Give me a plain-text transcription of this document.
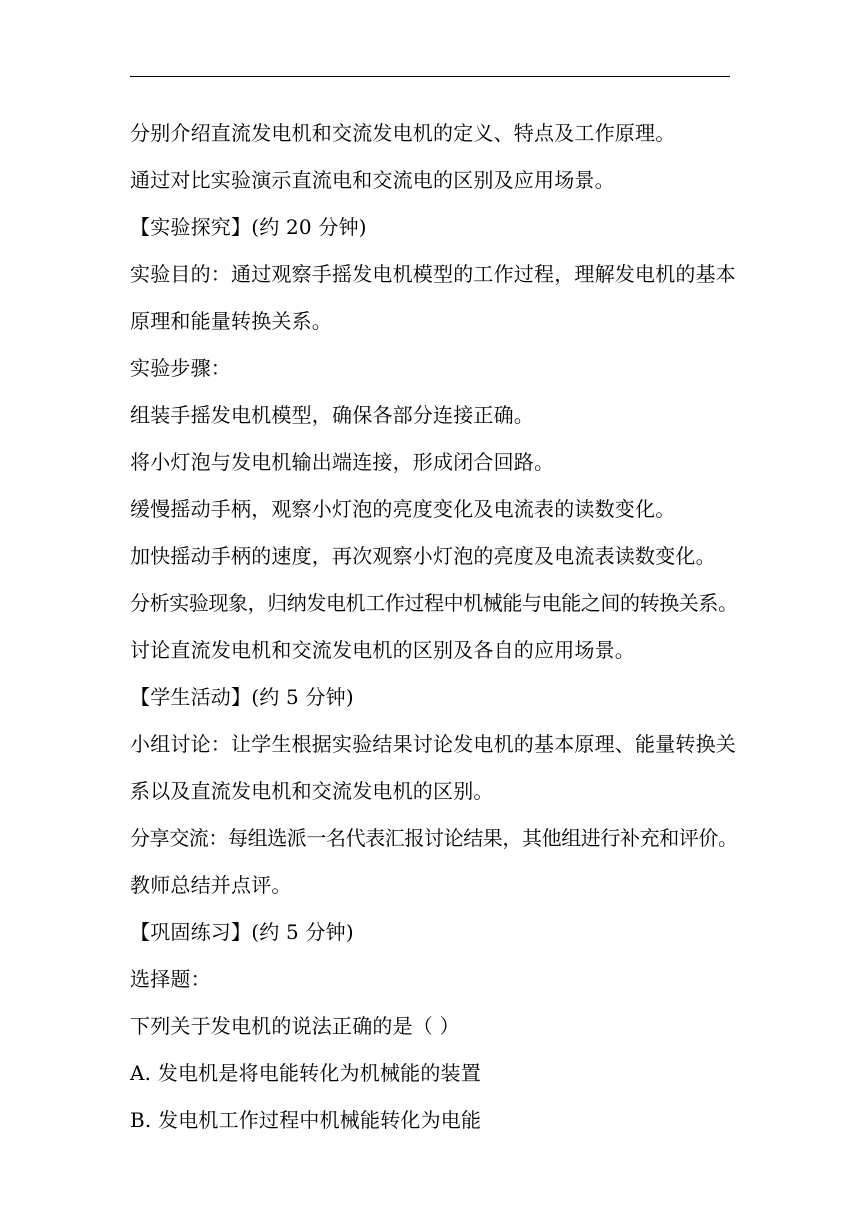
分别介绍直流发电机和交流发电机的定义、特点及工作原理。
通过对比实验演示直流电和交流电的区别及应用场景。
【实验探究】(约 20 分钟)
实验目的：通过观察手摇发电机模型的工作过程，理解发电机的基本
原理和能量转换关系。
实验步骤：
组装手摇发电机模型，确保各部分连接正确。
将小灯泡与发电机输出端连接，形成闭合回路。
缓慢摇动手柄，观察小灯泡的亮度变化及电流表的读数变化。
加快摇动手柄的速度，再次观察小灯泡的亮度及电流表读数变化。
分析实验现象，归纳发电机工作过程中机械能与电能之间的转换关系。
讨论直流发电机和交流发电机的区别及各自的应用场景。
【学生活动】(约 5 分钟)
小组讨论：让学生根据实验结果讨论发电机的基本原理、能量转换关
系以及直流发电机和交流发电机的区别。
分享交流：每组选派一名代表汇报讨论结果，其他组进行补充和评价。
教师总结并点评。
【巩固练习】(约 5 分钟)
选择题：
下列关于发电机的说法正确的是（ ）
A. 发电机是将电能转化为机械能的装置
B. 发电机工作过程中机械能转化为电能
